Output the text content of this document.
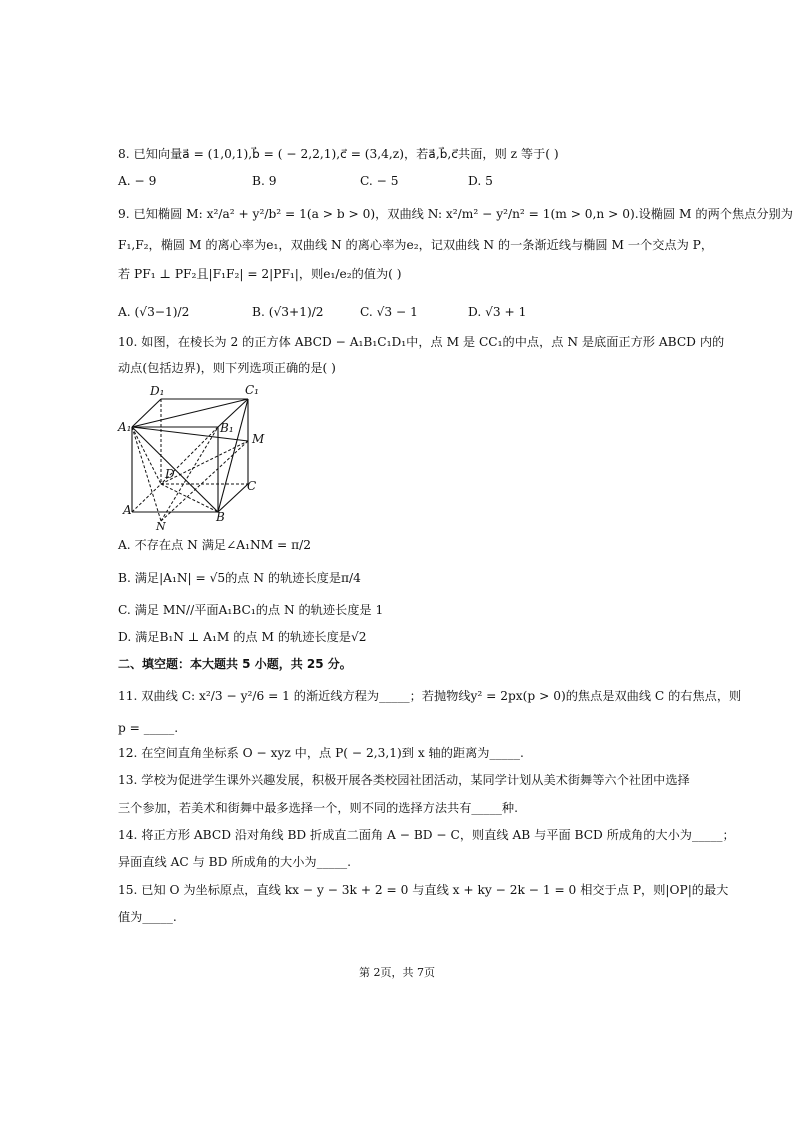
8. 已知向量a⃗ = (1,0,1),b⃗ = ( − 2,2,1),c⃗ = (3,4,z)，若a⃗,b⃗,c⃗共面，则 z 等于( )
A. − 9	B. 9	C. − 5	D. 5
9. 已知椭圆 M: x²/a² + y²/b² = 1(a > b > 0)，双曲线 N: x²/m² − y²/n² = 1(m > 0,n > 0).设椭圆 M 的两个焦点分别为
F₁,F₂，椭圆 M 的离心率为e₁，双曲线 N 的离心率为e₂，记双曲线 N 的一条渐近线与椭圆 M 一个交点为 P，
若 PF₁ ⊥ PF₂且|F₁F₂| = 2|PF₁|，则e₁/e₂的值为( )
A. (√3−1)/2	B. (√3+1)/2	C. √3 − 1	D. √3 + 1
10. 如图，在棱长为 2 的正方体 ABCD − A₁B₁C₁D₁中，点 M 是 CC₁的中点，点 N 是底面正方形 ABCD 内的
动点(包括边界)，则下列选项正确的是( )
D₁	C₁
A₁	B₁
M
D
C
N
A	B
A. 不存在点 N 满足∠A₁NM = π/2
B. 满足|A₁N| = √5的点 N 的轨迹长度是π/4
C. 满足 MN//平面A₁BC₁的点 N 的轨迹长度是 1
D. 满足B₁N ⊥ A₁M 的点 M 的轨迹长度是√2
二、填空题：本大题共 5 小题，共 25 分。
11. 双曲线 C: x²/3 − y²/6 = 1 的渐近线方程为_____；若抛物线y² = 2px(p > 0)的焦点是双曲线 C 的右焦点，则
p = _____.
12. 在空间直角坐标系 O − xyz 中，点 P( − 2,3,1)到 x 轴的距离为_____.
13. 学校为促进学生课外兴趣发展，积极开展各类校园社团活动，某同学计划从美术街舞等六个社团中选择
三个参加，若美术和街舞中最多选择一个，则不同的选择方法共有_____种.
14. 将正方形 ABCD 沿对角线 BD 折成直二面角 A − BD − C，则直线 AB 与平面 BCD 所成角的大小为_____；
异面直线 AC 与 BD 所成角的大小为_____.
15. 已知 O 为坐标原点，直线 kx − y − 3k + 2 = 0 与直线 x + ky − 2k − 1 = 0 相交于点 P，则|OP|的最大
值为_____.
第 2页，共 7页
